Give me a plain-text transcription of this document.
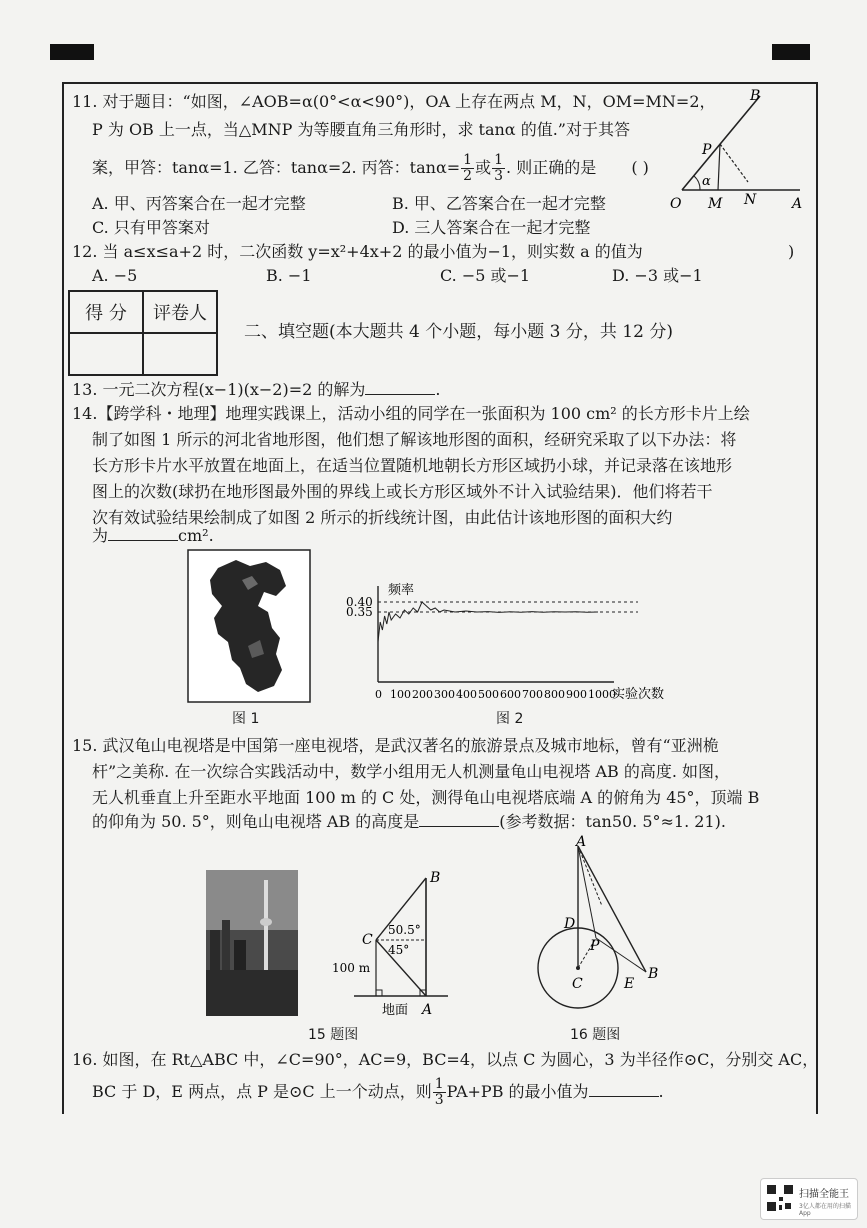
11. 对于题目：“如图，∠AOB=α(0°<α<90°)，OA 上存在两点 M，N，OM=MN=2，
P 为 OB 上一点，当△MNP 为等腰直角三角形时，求 tanα 的值.”对于其答
案，甲答：tanα=1. 乙答：tanα=2. 丙答：$\tan\alpha= \frac{1}{2}$ 或 $\frac{1}{3}$ . 则正确的是 ( )
A. 甲、丙答案合在一起才完整	B. 甲、乙答案合在一起才完整
C. 只有甲答案对	D. 三人答案合在一起才完整
B
P
α
O M N	A
12. 当 a≤x≤a+2 时，二次函数 y=x²+4x+2 的最小值为−1，则实数 a 的值为	)
A. −5	B. −1	C. −5 或−1	D. −3 或−1
得 分	评卷人

二、填空题(本大题共 4 个小题，每小题 3 分，共 12 分)
13. 一元二次方程(x−1)(x−2)=2 的解为	.
14.【跨学科・地理】地理实践课上，活动小组的同学在一张面积为 100 cm² 的长方形卡片上绘
制了如图 1 所示的河北省地形图，他们想了解该地形图的面积，经研究采取了以下办法：将
长方形卡片水平放置在地面上，在适当位置随机地朝长方形区域扔小球，并记录落在该地形
图上的次数(球扔在地形图最外围的界线上或长方形区域外不计入试验结果)．他们将若干
次有效试验结果绘制成了如图 2 所示的折线统计图，由此估计该地形图的面积大约
为	cm².
图 1
0.35
0.40
0 100 200 300 400 500 600 700 800 900 1000
频率
实验次数
图 2
15. 武汉龟山电视塔是中国第一座电视塔，是武汉著名的旅游景点及城市地标，曾有“亚洲桅
杆”之美称. 在一次综合实践活动中，数学小组用无人机测量龟山电视塔 AB 的高度. 如图，
无人机垂直上升至距水平地面 100 m 的 C 处，测得龟山电视塔底端 A 的俯角为 45°，顶端 B
的仰角为 50. 5°，则龟山电视塔 AB 的高度是	(参考数据：tan50. 5°≈1. 21).
15 题图
B
C
50.5°
45°
100 m
地面 A
A
D
P
C	E
B
16 题图
16. 如图，在 Rt△ABC 中，∠C=90°，AC=9，BC=4，以点 C 为圆心，3 为半径作⊙C，分别交 AC，
BC 于 D，E 两点，点 P 是⊙C 上一个动点，则 $\frac{1}{3} PA+PB$ 的最小值为	.
扫描全能王
3亿人都在用的扫描App
